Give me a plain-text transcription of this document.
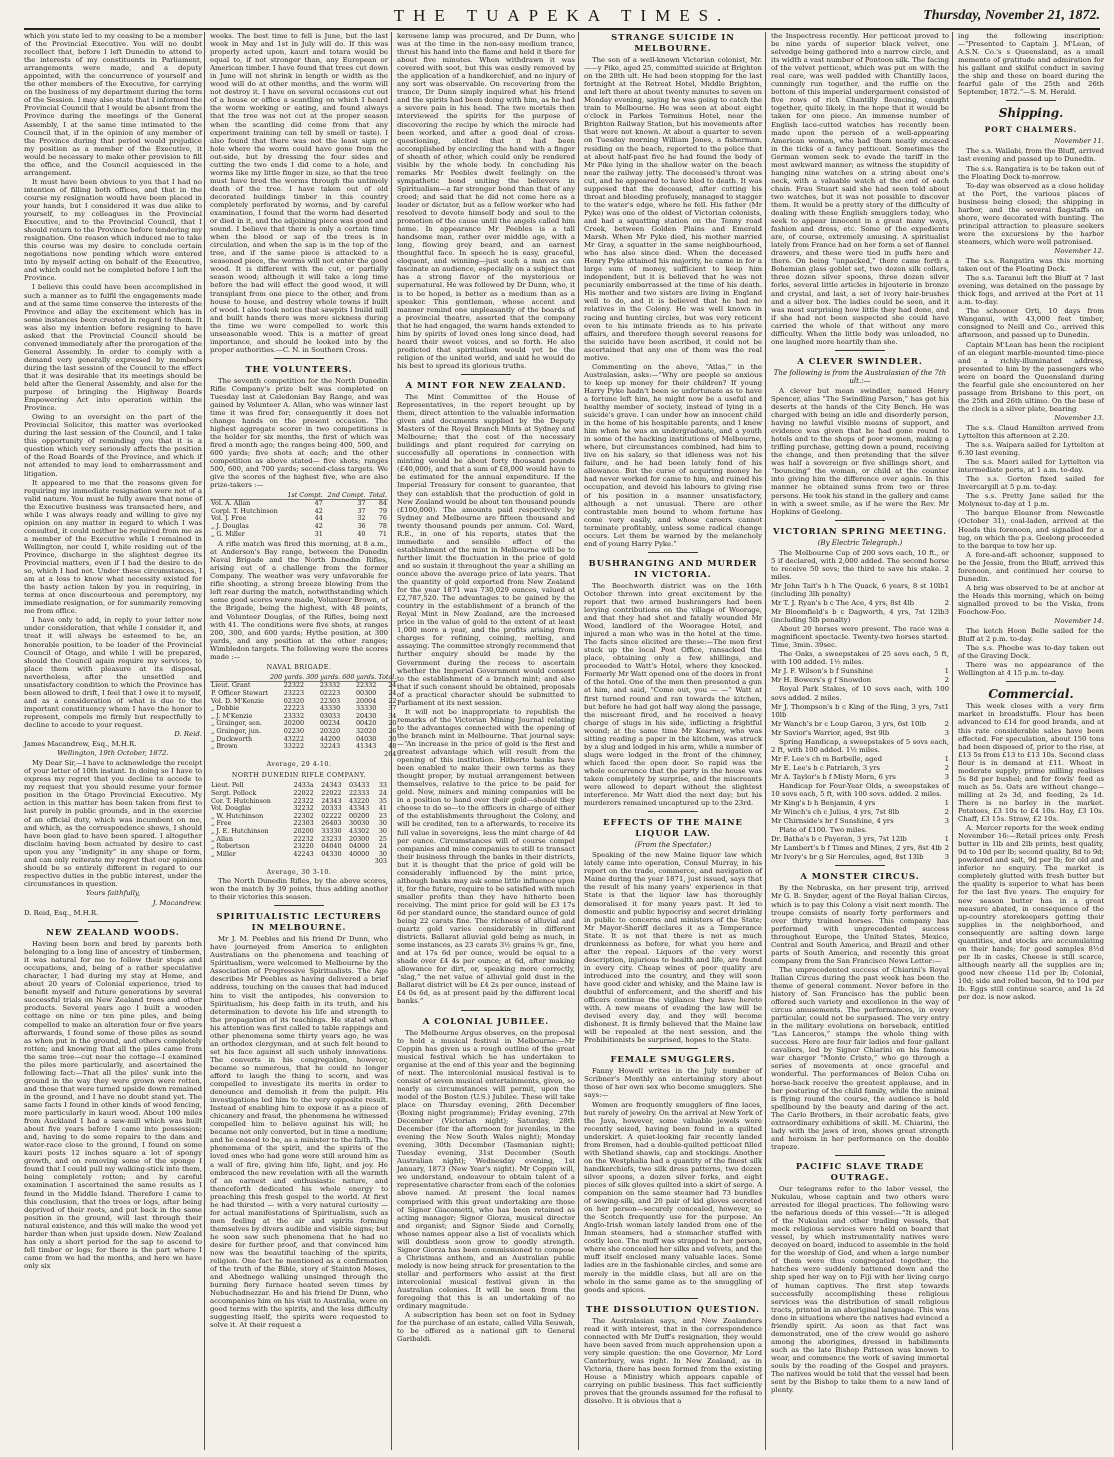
THE TUAPEKA TIMES.	Thursday, November 21, 1872.

which you state led to my ceasing to be a member of the Provincial Executive. You will no doubt recollect that, before I left Dunedin to attend to the interests of my constituents in Parliament, arrangements were made, and a deputy appointed, with the concurrence of yourself and the other members of the Executive, for carrying on the business of my department during the term of the Session. I may also state that I informed the Provincial Council that I would be absent from the Province during the meetings of the General Assembly, I at the same time intimated to the Council that, if in the opinion of any member of the Province during that period would prejudice my position as a member of the Executive, it would be necessary to make other provision to fill the office, and the Council acquiesced in the arrangement.

It must have been obvious to you that I had no intention of filling both offices, and that in the course my resignation would have been placed in your hands, but I considered it was due alike to yourself, to my colleagues in the Provincial Executive, and to the Provincial Council, that I should return to the Province before tendering my resignation. One reason which induced me to take this course was my desire to conclude certain negotiations now pending which were entered into by myself acting on behalf of the Executive, and which could not be completed before I left the Province.

I believe this could have been accomplished in such a manner as to fulfil the engagements made and at the same time conserve the interests of the Province and allay the excitement which has in some instances been created in regard to them. It was also my intention before resigning to have asked that the Provincial Council should be convened immediately after the prorogation of the General Assembly. In order to comply with a demand very generally expressed by members during the last session of the Council to the effect that it was desirable that its meetings should be held after the General Assembly, and also for the purpose of bringing the Highway Boards Empowering Act into operation within the Province.

Owing to an oversight on the part of the Provincial Solicitor, this matter was overlooked during the last session of the Council, and I take this opportunity of reminding you that it is a question which very seriously affects the position of the Road Boards of the Province, and which if not attended to may lead to embarrassment and litigation.

It appeared to me that the reasons given for requiring my immediate resignation were not of a valid nature. You must be fully aware that none of the Executive business was transacted here, and while I was always ready and willing to give my opinion on any matter in regard to which I was consulted, it could neither be required from me as a member of the Executive while I remained in Wellington, nor could I, while residing out of the Province, discharge in the slightest degree its Provincial matters, even if I had the desire to do so, which I had not. Under these circumstances, I am at a loss to know what necessity existed for the hasty action taken by you in requiring, in terms at once discourteous and peremptory, my immediate resignation, or for summarily removing me from office.

I have only to add, in reply to your letter now under consideration, that while I consider it, and treat it will always be esteemed to be, an honorable position, to be leader of the Provincial Council of Otago, and while I will be prepared, should the Council again require my services, to place them with pleasure at its disposal, nevertheless, after the unsettled and unsatisfactory condition to which the Province has been allowed to drift, I feel that I owe it to myself, and as a consideration of what is due to the important constituency whom I have the honor to represent, compels me firmly but respectfully to decline to accede to your request.

D. Reid.

James Macandrew, Esq., M.H.R.

Wellington, 19th October, 1872.

My Dear Sir,—I have to acknowledge the receipt of your letter of 10th instant. In doing so I have to express my regret that you decline to accede to my request that you should resume your former position in the Otago Provincial Executive. My action in this matter has been taken from first to last purely in public grounds, and in the exercise of an official duty, which was incumbent on me, and which, as the correspondence shows, I should have been glad to have been spared. I altogether disclaim having been actuated by desire to cast upon you any “indignity” in any shape or form, and can only reiterate my regret that our opinions should be so entirely different in regard to our respective duties in the public interest, under the circumstances in question.

Yours faithfully,
J. Macandrew.

D. Reid, Esq., M.H.R.

NEW ZEALAND WOODS.

Having been born and bred by parents both belonging to a long line of ancestry of timbermen, it was natural for me to follow their steps and occupations, and, being of a rather speculative character, I had during my stay at Home, and about 20 years of Colonial experience, tried to benefit myself and future generations by several successful trials on New Zealand trees and other products. Several years ago I built a wooden cottage on nine or ten pine piles, and being compelled to make an alteration four or five years afterwards, I found some of those piles as sound as when put in the ground, and others completely rotten; and knowing that all the piles came from the same tree—cut near the cottage—I examined the piles more particularly, and ascertained the following fact:—That all the piles' sunk into the ground in the way they were grown were rotten, and those that were turned upside down remained in the ground, and I have no doubt stand yet. The same facts I found in other kinds of wood fencing, more particularly in kauri wood. About 100 miles from Auckland I had a saw-mill which was built about five years before I came into possession; and, having to do some repairs to the dam and water-race close to the ground, I found on some kauri posts 12 inches square a lot of spongy growth, and on removing some of the sponge I found that I could pull my walking-stick into them, being completely rotten; and by careful examination I ascertained the same results as I found in the Middle Island. Therefore I came to this conclusion, that the trees or logs, after being deprived of their roots, and put back in the same position in the ground, will last through their natural existence, and this will make the wood yet harder than when just upside down. New Zealand has only a short period for the sap to ascend to fell timber or logs; for there is the part where I came from we had the months, and here we have only six

weeks. The best time to fell is June, but the last week in May and 1st in July will do. If this was properly acted upon, kauri and totara would be equal to, if not stronger than, any European or American timber. I have found that trees cut down in June will not shrink in length or width as the wood will do at other months, and the worm will not destroy it. I have on several occasions cut out of a house or office a scantling on which I heard the worm working or eating, and found always that the tree was not cut at the proper season when the scantling did come from that any experiment training can tell by smell or taste). I also found that there was not the least sign or hole where the worm could have gone from the out-side, but by dressing the four sides and cutting the two ends I did come to a hole, and worms like my little finger in size, so that the tree must have bred the worms through the untimely death of the tree. I have taken out of old decorated buildings timber in this country completely perforated by worms, and by careful examination, I found that the worm had deserted or died in it, and the adjoining piece was good and sound. I believe that there is only a certain time when the blood or sap of the trees is in circulation, and when the sap is in the top of the tree, and if the same piece is attacked to a seasoned piece, the worms will not enter the good wood. It is different with the cut, or partially season wood; although it will take a long time before the bad will effect the good wood, it will transplant from one piece to the other, and from house to house, and destroy whole towns if built of wood. I also took notice that sawpits I build mill and built hands there was more sickness during the time we were compelled to work this unseasonable wood. This is a matter of great importance, and should be looked into by the proper authorities.—C. N. in Southern Cross.

THE VOLUNTEERS.

The seventh competition for the North Dunedin Rifle Company's prize belt was completed on Tuesday last at Caledonian Bay Range, and was gained by Volunteer A. Allan, who was winner last time it was fired for; consequently it does not change hands on the present occasion. The highest aggregate scorer in two competitions is the holder for six months, the first of which was fired a month ago; the ranges being 400, 500, and 600 yards; five shots at each; and the other competition as above stated— five shots; ranges 500, 600, and 700 yards; second-class targets. We give the scores of the highest five, who are also prize-takers :—

	1st Compt.	2nd Compt.	Total.
Vol. A. Allan	47	37	84
Corpl. T. Hutchinson	42	37	79
Vol. J. Free	44	32	76
„ J. Douglas	42	36	78
„ G. Miller	31	40	71

A rifle match was fired this morning, at 8 a.m., at Anderson's Bay range, between the Dunedin Naval Brigade and the North Dunedin Rifles, arising out of a challenge from the former Company. The weather was very unfavorable for rifle shooting, a strong breeze blowing from the left rear during the match, notwithstanding which some good scores were made, Volunteer Brown, of the Brigade, being the highest, with 48 points, and Volunteer Douglas, of the Rifles, being next with 41. The conditions were five shots, at ranges 200, 300, and 600 yards; Hythe position, at 300 yards, and any position at the other ranges; Wimbledon targets. The following were the scores made :—

NAVAL BRIGADE.
	200 yards.	300 yards.	600 yards.	Total.
Lieut. Grant	22322	23332	22332	24
P. Officer Stewart	23223	02223	00300	24
Vol. D. M'Kenzie	02320	22303	20004	22
„ Dobbie	22223	43330	33330	37
„ J. M'Kenzie	23332	03033	20430	34
„ Grainger, sen.	20200	00234	00420	20
„ Grainger, jun.	02230	20320	32020	26
„ Duckworth	43222	44200	04030	30
„ Brown	33222	32243	41343	48
				264
Average, 29 4-10.
NORTH DUNEDIN RIFLE COMPANY.
Lieut. Pell	2433a	24343	03433	33
Sergt. Pollock	22022	22022	22333	24
Cor. T. Hutchinson	22322	24343	43220	35
Vol. Douglas	32232	20333	43343	41
„ W. Hutchinson	22302	02222	00200	23
„ Free	22303	26403	30030	30
„ J. E. Hutchinson	20200	33330	43302	30
„ Allan	22232	23233	20300	25
„ Robertson	23220	04040	04000	24
„ Miller	42243	04330	40000	30
				303
Average, 30 3-10.

The North Dunedin Rifles, by the above scores, won the match by 39 points, thus adding another to their victories this season.

SPIRITUALISTIC LECTURERS IN MELBOURNE.

Mr J. M. Peebles and his friend Dr Dunn, who have journeyed from America to enlighten Australians on the phenomena and teaching of Spiritualism, were welcomed to Melbourne by the Association of Progressive Spiritualists. The Age describes Mr Peebles as having delivered a brief address, touching on the causes that had induced him to visit the antipodes, his conversion to Spiritualism, his deep faith in its truth, and his determination to devote his life and strength to the propagation of its teachings. He stated when his attention was first called to table rappings and other phenomena some thirty years ago, he was an orthodox clergyman, and at such felt bound to set his face against all such unholy innovations. The converts in his congregation, however, became so numerous, that he could no longer afford to laugh the thing to scorn, and was compelled to investigate its merits in order to denounce and demolish it from the pulpit. His investigations led him to the very opposite result. Instead of enabling him to expose it as a piece of chicanery and fraud, the phenomena he witnessed compelled him to believe against his will; he became not only converted, but in time a medium; and he ceased to be, as a minister to the faith. The phenomena of the spirit, and the spirits of the loved ones who had gone were still around him as a wall of fire, giving him life, light, and joy. He embraced the new revelation with all the warmth of an earnest and enthusiastic nature, and thenceforth dedicated his whole energy to preaching this fresh gospel to the world. At first he had thirsted — with a very natural curiosity — for actual manifestations of Spiritualism, such as men feeling at the air and spirits forming themselves by divers audible and visible signs; but he soon saw such phenomena that he had no desire for further proof, and that convinced him now was the beautiful teaching of the spirits, religion. One fact he mentioned as a confirmation of the truth of the Bible, story of Stainton Moses, and Abednego walking unsinged through the burning fiery furnace heated seven times by Nebuchadnezzar. He and his friend Dr Dunn, who accompanies him on his visit to Australia, were on good terms with the spirits, and the less difficulty suggesting itself, the spirits were requested to solve it. At their request a

kerosene lamp was procured, and Dr Dunn, who was at the time in the non-easy medium trance, thrust his hand into the flame and held it there for about five minutes. When withdrawn it was covered with soot, but this was easily removed by the application of a handkerchief, and no injury of any sort was observable. On recovering from the trance, Dr Dunn simply inquired what his friend and the spirits had been doing with him, as he had a severe pain in his head. The two mortals then interviewed the spirits for the purpose of discovering the recipe by which the miracle had been worked, and after a good deal of cross-questioning, elicited that it had been accomplished by encircling the hand with a finger of sheath of other, which could only be rendered visible by the whole body. In concluding his remarks Mr Peebles dwelt feelingly on the sympathetic bond uniting the believers in Spiritualism—a far stronger bond than that of any creed; and said that he did not come here as a leader or dictator, but as a fellow worker who had resolved to devote himself body and soul to the promotion of the cause until the angels called him home. In appearance Mr Peebles is a tall handsome man, rather over middle age, with a long, flowing grey beard, and an earnest thoughtful face. In speech he is easy, graceful, eloquent, and winning—just such a man as can fascinate an audience, especially on a subject that has a strong flavor of the mysterious or supernatural. He was followed by Dr Dunn, who, it is to be hoped, is better as a medium than as a speaker. This gentleman, whose accent and manner remind one unpleasantly of the boards of a provincial theatre, asserted that the company that he had engaged, the warm hands extended to him by spirits of loved ones long since dead, had heard their sweet voices, and so forth. He also predicted that spiritualism would yet be the religion of the united world, and said he would do his best to spread its glorious truths.

A MINT FOR NEW ZEALAND.

The Mint Committee of the House of Representatives, in the report brought up by them, direct attention to the valuable information given and documents supplied by the Deputy Masters of the Royal Branch Mints at Sydney and Melbourne; that the cost of the necessary buildings and plant required for carrying on successfully all operations in connection with minting would be about forty thousand pounds (£40,000), and that a sum of £8,000 would have to be estimated for the annual expenditure. If the Imperial Treasury for consent to guarantee, that they can establish that the production of gold in New Zealand would be about ten thousand pounds (£100,000). The amounts paid respectively by Sydney and Melbourne are fifteen thousand and twenty thousand pounds per annum. Col. Ward, R.E., in one of his reports, states that the immediate and sensible effect of the establishment of the mint in Melbourne will be to further limit the fluctuation in the price of gold and so sustain it throughout the year a shilling an ounce above the average price of late years. That the quantity of gold exported from New Zealand for the year 1871 was 730,029 ounces, valued at £2,787,520. The advantages to be gained by the country in the establishment of a branch of the Royal Mint in New Zealand, are the increased price in the value of gold to the extent of at least 1,000 more a year, and the profits arising from charges for refining, coining, melting, and assaying. The committee strongly recommend that further enquiry should be made by the Government during the recess to ascertain whether the Imperial Government would consent to the establishment of a branch mint; and also that if such consent should be obtained, proposals of a practical character should be submitted to Parliament at its next session.

It will not be inappropriate to republish the remarks of the Victorian Mining Journal relating to the advantages connected with the opening of the branch mint in Melbourne. That journal says:—“An increase in the price of gold is the first and greatest advantage which will result from the opening of this institution. Hitherto banks have been enabled to make their own terms as they thought proper, by mutual arrangement between themselves, relative to the price to be paid for gold. Now, miners and mining companies will be in a position to hand over their gold—should they choose to do so—to the officers in charge of either of the establishments throughout the Colony, and will be credited, ten to a afterwards, to receive its full value in sovereigns, less the mint charge of 4d per ounce. Circumstances will of course compel companies and mine companies to still to transact their business through the banks in their districts, but it is thought that the price of gold will be considerably influenced by the mint price, although banks may ask some little influence upon it, for the future, require to be satisfied with much smaller profits than they have hitherto been receiving. The mint price for gold will be £3 17s 6d per standard ounce, the standard ounce of gold being 22 carats fine. The richness of alluvial and quartz gold varies considerably in different districts. Ballarat alluvial gold being as much, in some instances, as 23 carats 3½ grains ¾ gr., fine, and at 17s 6d per ounce, would be equal to a shade over £4 4s per ounce; at 6d, after making allowance for dirt, or, speaking more correctly, “slag,” the net value of alluvial gold dust in the Ballarat district will be £4 2s per ounce, instead of £4 0s 6d, as at present paid by the different local banks.”

A COLONIAL JUBILEE.

The Melbourne Argus observes, on the proposal to hold a musical festival in Melbourne:—Mr Coppin has given us a rough outline of the great musical festival which he has undertaken to organise at the end of this year and the beginning of next. The intercolonial musical festival is to consist of seven musical entertainments, given, so nearly as circumstances will permit, upon the model of the Boston (U.S.) Jubilee. These will take place on Thursday evening, 26th December (Boxing night programme); Friday evening, 27th December (Victorian night); Saturday, 28th December (for the afternoon for juveniles, in the evening the New South Wales night); Monday evening, 30th December (Tasmanian night); Tuesday evening, 31st December (South Australian night); Wednesday evening, 1st January, 1873 (New Year's night). Mr Coppin will, we understand, endeavour to obtain talent of a representative character from each of the colonies above named. At present the local names comprised with this great undertaking are those of Signor Giacometti, who has been retained as acting manager; Signor Giorza, musical director and organist; and Signor Siede and Cornelly, whose names appear also a list of vocalists which will doubtless soon grow to goodly strength. Signor Giorza has been commissioned to compose a Christmas anthem, and an Australian public melody is now being struck for presentation to the stellar and performers who assist at the first intercolonial musical festival given in the Australian colonies. It will be seen from the foregoing that this is an undertaking of no ordinary magnitude.

A subscription has been set on foot in Sydney for the purchase of an estate, called Villa Seuwah, to be offered as a national gift to General Garibaldi.

STRANGE SUICIDE IN MELBOURNE.

The son of a well-known Victorian colonist, Mr. ——y Pike, aged 25, committed suicide at Brighton on the 28th ult. He had been stopping for the last fortnight at the Retreat Hotel, Middle Brighton, and left there at about twenty minutes to seven on Monday evening, saying he was going to catch the train to Melbourne. He was seen at about eight o'clock in Parkes Terminus Hotel, near the Brighton Railway Station, but his movements after that were not known. At about a quarter to seven on Tuesday morning William Jones, a fisherman, residing on the beach, reported to the police that at about half-past five he had found the body of Mr Pike lying in the shallow water on the beach near the railway jetty. The deceased's throat was cut, and he appeared to have bled to death. It was supposed that the deceased, after cutting his throat and bleeding profusely, managed to stagger to the water's edge, where he fell. His father (Mr Pyke) was one of the oldest of Victorian colonists, and had a squatting station on the Tenny road Creek, between Golden Plains and Emerald Marsh. When Mr Pyke died, his mother married Mr Gray, a squatter in the same neighbourhood, who has also since died. When the deceased Henry Pyke attained his majority, he came in for a large sum of money, sufficient to keep him independent, but it is believed that he was not pecuniarily embarrassed at the time of his death. His mother and two sisters are living in England well to do, and it is believed that he had no relatives in the Colony. He was well known in racing and hunting circles, but was very reticent even to his intimate friends as to his private affairs, and therefore though several reasons for the suicide have been ascribed, it could not be ascertained that any one of them was the real motive.

Commenting on the above, “Atlas,” in the Australasian, asks:—“Why are people so anxious to keep up money for their children? If young Harry Pyke hadn't been so unfortunate as to have a fortune left him, he might now be a useful and healthy member of society, instead of lying in a suicide's grave. I can under how an innocent child in the home of his hospitable parents, and I knew him when he was an undergraduate, and a youth in some of the hacking institutions of Melbourne, where, but circumstances combined, had him to live on his salary, so that idleness was not his failure, and he had been lately fond of his allowance. But the curse of acquiring money he had never worked for came to him, and ruined his occupation, and devoid his labours to giving rise of his position in a manner unsatisfactory, although a not unusual. There are other contrastable men bound to whom fortune has come very easily, and whose careers cannot terminate profitably, unless some radical change occurs. Let them be warned by the melancholy end of young Harry Pyke.”

BUSHRANGING AND MURDER IN VICTORIA.

The Beechworth district was on the 16th October thrown into great excitement by the report that two armed bushrangers had been levying contributions on the village of Woorage, and that they had shot and fatally wounded Mr Wood, landlord of the Wooragee Hotel, and injured a man who was in the hotel at the time. The facts since elicited are these:—The men first stuck up the local Post Office, ransacked the place, obtaining only a few shillings, and proceeded to Watt's Hotel, where they knocked. Formerly Mr Watt opened one of the doors in front of the hotel. One of the men then presented a gun at him, and said, “Come out, you — —” Watt at first turned round and ran towards the kitchen, but before he had got half way along the passage, the miscreant fired, and he received a heavy charge of slugs in his side, inflicting a frightful wound; at the same time Mr Kearney, who was sitting reading a paper in the kitchen, was struck by a slug and lodged in his arm, while a number of slugs were lodged in the front of the chimney, which faced the open door. So rapid was the whole occurrence that the party in the house was taken completely by surprise, and the miscreants were allowed to depart without the slightest interference. Mr Watt died the next day; but his murderers remained uncaptured up to the 23rd.

EFFECTS OF THE MAINE LIQUOR LAW.
(From the Spectator.)

Speaking of the new Maine liquor law which lately came into operation, Consul Murray, in his report on the trade, commerce, and navigation of Maine during the year 1871, just issued, says that the result of his many years' experience in that State is that the liquor law has thoroughly demoralised it for many years past. It led to domestic and public hypocrisy and secret drinking in public to concerns and ministers of the State; Mr Mayor-Sheriff declares it as a Temperance State. It is not that there is not as much drunkenness as before, for what you here and after the repeal. Liquors of the very worst description, injurious to health and life, are found in every city. Cheap wines of poor quality are introduced into the country, and they will soon have good cider and whisky, and the Maine law is doubtful of enforcement, and the sheriff and his officers continue the vigilance they have hereto with. A new means of evading the law will be devised every day, and they will become dishonest. It is firmly believed that the Maine law will be repealed at the next session, and the Prohibitionists be surprised, hopes to the State.

FEMALE SMUGGLERS.

Fanny Howell writes in the July number of Scribner's Monthly an entertaining story about those of her own sex who become smugglers. She says:—

Women are frequently smugglers of fine laces, but rarely of jewelry. On the arrival at New York of the Java, however, some valuable jewels were recently seized, having been found in a quilted underskirt. A quiet-looking fair recently landed from Bremen, had a double-quilted petticoat filled with Shetland shawls, cap and stockings. Another on the Westphalia had a quantity of the finest silk handkerchiefs, two silk dress patterns, two dozen silver spoons, a dozen silver forks, and eight pieces of silk gloves quilted into a skirt of serge. A companion on the same steamer had 73 bundles of sewing-silk, and 20 pair of kid gloves secreted on her person—securely concealed, however, so the Scotch frequently use for the purpose. An Anglo-Irish woman lately landed from one of the Inman steamers, had a stomacher stuffed with costly lace. The muff was strapped to her person, where she concealed her silks and velvets, and the muff itself enclosed many valuable laces. Some ladies are in the fashionable circles, and some are merely in the middle class, but all are on the whole in the same game as to the smuggling of goods and spices.

THE DISSOLUTION QUESTION.

The Australasian says, and New Zealanders read it with interest, that in the correspondence connected with Mr Duff's resignation, they would have been saved from much apprehension upon a very simple question: the one Governor, Mr Lord Canterbury, was right. In New Zealand, as in Victoria, there has been formed from the existing House a Ministry which appears capable of carrying on public business. This fact sufficiently proves that the grounds assumed for the refusal to dissolve. It is obvious that a

the Inspectress recently. Her petticoat proved to be nine yards of superior black velvet, one selvedge being gathered into a narrow circle, and its width a vast number of Pontoon silk. The facing of the velvet petticoat, which was put on with the real care, was well padded with Chantilly laces, cunningly run together, and the ruffle on the bottom of this imperial undergarment consisted of five rows of rich Chantilly flouncing, caught together, quite likely, in the hope that it would be taken for one piece. An immense number of English lace-cutted watches has recently been made upon the person of a well-appearing American woman, who had them neatly encased in the ticks of a fancy petticoat. Sometimes the German women seek to evade the tariff in the most awkward manner; as witness the stupidity of hanging nine watches on a string about one's neck, with a valuable watch at the end of each chain. Frau Stuart said she had seen told about two watches, but it was not possible to discover them. It would be a pretty story of the difficulty of dealing with these English smugglers today, who seek to appear innocent in a great many ways, fashion and dress, etc. Some of the expedients are, of course, extremely amusing. A spiritualist lately from France had on her form a set of flannel drawers, and these were tied in puffs here and there. On being “unpacked,” there came forth a Bohemian glass goblet set, two dozen silk collars, three dozen silver spoons, three dozen silver forks, several little articles in bijouterie in bronze and crystal, and last, a set of ivory hair-brushes and a silver box. The ladies could be seen, and it was most surprising how little they had done, and if she had not been suspected she could have carried the whole of that without any more difficulty. When the little body was unloaded, no one laughed more heartily than she.

A CLEVER SWINDLER.
The following is from the Australasian of the 7th ult.:—

A clever but mean swindler, named Henry Spencer, alias “The Swindling Parson,” has got his deserts at the hands of the City Bench. He was charged with being an idle and disorderly person, having no lawful visible means of support, and evidence was given that he had gone round to hotels and to the shops of poor women, making a trifling purchase, getting down a pound, receiving the change, and then pretending that the silver was half a sovereign or five shillings short, and “bouncing” the woman, or child at the counter into giving him the difference over again. In this manner he obtained sums from two or three persons. He took his stand in the gallery and came in with a sweet smile, as if he were the Rev. Mr Hopkins of Geelong.

VICTORIAN SPRING MEETING.
(By Electric Telegraph.)

The Melbourne Cup of 200 sovs each, 10 ft., or 5 if declared, with 2,000 added. The second horse to receive 50 sovs; the third to save his stake. 2 miles.

1
Mr John Tait's b h The Quack, 6 years, 8 st 10lb (including 3lb penalty)

2
Mr T. J. Ryan's b c The Ace, 4 yrs, 8st 4lb

3
Mr Bloomfield's b c Dagworth, 4 yrs, 7st 12lb (including 5lb penalty)

About 20 horses were present. The race was a magnificent spectacle. Twenty-two horses started. Time, 3min. 39sec.

The Oaks, a sweepstakes of 25 sovs each, 5 ft, with 100 added. 1½ miles.

1
Mr J. F. Wilson's b f Sunshine

2
Mr H. Bowers's g f Snowdon

Royal Park Stakes, of 10 sovs each, with 100 sovs added. 2 miles.

1
Mr J. Thompson's b c King of the Ring, 3 yrs, 7st 10lb

2
Mr Wanch's br c Loup Garou, 3 yrs, 6st 10lb

3
Mr Savior's Warrior, aged, 9st 9lb

Spring Handicap, a sweepstakes of 5 sovs each, 2 ft, with 100 added. 1½ miles.

1
Mr F. Lee's ch m Barbelle, aged

2
Mr E. Lee's b c Patriarch, 3 yrs

3
Mr A. Taylor's b f Misty Morn, 6 yrs

Handicap for Four-Year Olds, a sweepstakes of 10 sovs each, 5 ft, with 100 sovs. added. 2 miles.

1
Mr King's b h Benjamin, 4 yrs

2
Mr Winch's ch c Julius, 4 yrs, 7st 8lb

3
Mr Chirnside's br f Sunshine, 4 yrs

Plate of £100. Two miles.

1
Dr. Batha's b c Payeran, 3 yrs, 7st 12lb

2
Mr Lambert's b f Times and Mines, 2 yrs, 8st 4lb

3
Mr Ivory's br g Sir Hercules, aged, 8st 13lb

A MONSTER CIRCUS.

By the Nebraska, on her present trip, arrived Mr G. B. Snyder, agent of the Royal Italian Circus, which is to pay this Colony a visit next month. The troupe consists of nearly forty performers and over thirty trained horses. This company has performed with unprecedented success throughout Europe, the United States, Mexico, Central and South America, and Brazil and other parts of South America, and recently this great company from the San Francisco News Letter:—

The unprecedented success of Chiarini's Royal Italian Circus during the past week has been the theme of general comment. Never before in the history of San Francisco has the public been offered such variety and excellence in the way of circus amusements. The performances, in every particular, could not be surpassed. The very entry in the military evolutions on horseback, entitled “Las Lanceros,” stamps the whole thing with success. Here are four fair ladies and four gallant cavaliers, led by Signor Chiarini on his famous war charger “Monte Cristo,” who go through a series of movements at once graceful and wonderful. The performances of Belen Cuba on horse-back receive the greatest applause, and in her posturing of the child family, while the animal is flying round the course, the audience is held spellbound by the beauty and daring of the act. The Carlo Brothers, in their acrobatic feats, give extraordinary exhibitions of skill. M. Chiarini, the lady with the jaws of iron, shows great strength and heroism in her performance on the double trapeze.

PACIFIC SLAVE TRADE OUTRAGE.

Our telegrams refer to the labor vessel, the Nukulau, whose captain and two others were arrested for illegal practices. The following were the nefarious deeds of this vessel:—“It is alleged of the Nukulau and other trading vessels, that mock religious services were held on board that vessel, by which instrumentality natives were decoyed on board, induced to assemble in the hold for the worship of God, and when a large number of them were thus congregated together, the hatches were suddenly battened down and the ship sped her way on to Fiji with her living cargo of human captives. The first step towards successfully accomplishing these religious services was the distribution of small religious tracts, printed in an aboriginal language. This was done in situations where the natives had evinced a friendly spirit. As soon as that fact was demonstrated, one of the crew would go ashore among the aborigines, dressed in habiliments such as the late Bishop Patteson was known to wear, and commence the work of saving immortal souls by the reading of the Gospel and prayers. The natives would be told that the vessel had been sent by the Bishop to take them to a new land of plenty.

ing the following inscription:—“Presented to Captain J. M'Lean, of A.S.N. Co.'s s Queensland, as a small memento of gratitude and admiration for his gallant and skilful conduct in saving the ship and those on board during the fearful gale of the 25th and 26th September, 1872.”—S. M. Herald.

Shipping.
PORT CHALMERS.
November 11.

The s.s. Wallabi, from the Bluff, arrived last evening and passed up to Dunedin.

The s.s. Rangatira is to be taken out of the Floating Dock to-morrow.

To-day was observed as a close holiday at the Port, the various places of business being closed; the shipping in harbor, and the several flagstaffs on shore, were decorated with bunting. The principal attraction to pleasure seekers were the excursions by the harbor steamers, which were well patronised.

November 12.

The s.s. Rangatira was this morning taken out of the Floating Dock.

The s.s. Taranui left the Bluff at 7 last evening, was detained on the passage by thick fogs, and arrived at the Port at 11 a.m. to-day.

The schooner Orti, 10 days from Wanganui, with 43,000 feet timber, consigned to Neill and Co., arrived this afternoon, and passed up to Dunedin.

Captain M'Lean has been the recipient of an elegant marble-mounted time-piece and a richly-illuminated address, presented to him by the passengers who were on board the Queensland during the fearful gale she encountered on her passage from Brisbane to this port, on the 25th and 26th ultimo. On the base of the clock is a silver plate, bearing

November 13.

The s.s. Claud Hamilton arrived from Lyttelton this afternoon at 2.20.

The s.s. Waipara sailed for Lyttelton at 6.30 last evening.

The s.s. Maori sailed for Lyttelton via intermediate ports, at 1 a.m. to-day.

The s.s. Gorton fixed sailed for Invercargill at 5 p.m. to-day.

The s.s. Pretty Jane sailed for the Molyneux to-day at 1 p.m.

The barque Eleanor from Newcastle (October 31), coal-laden, arrived at the Heads this forenoon, and signalled for a tug, on which the p.s. Geelong proceeded to the barque to tow her up.

A fore-and-aft schooner, supposed to be the Jessie, from the Bluff, arrived this forenoon, and continued her course to Dunedin.

A brig was observed to be at anchor at the Heads this morning, which on being signalled proved to be the Viska, from Foochow-Foo.

November 14.

The ketch Hoon Belle sailed for the Bluff at 2 p.m. to-day.

The s.s. Phoebe was to-day taken out of the Graving Dock.

There was no appearance of the Wellington at 4 15 p.m. to-day.

Commercial.

This week closes with a very firm market in breadstuffs. Flour has been advanced to £14 for good brands, and at this rate considerable sales have been effected. For speculation, about 150 tons had been disposed of, prior to the rise, at £13 5s from £13 to £13 10s. Second class flour is in demand at £11. Wheat in moderate supply; prime milling realises 5s 8d per bushel; and for fowls' feed as much as 5s. Oats are without change—milling at 2s 3d, and feeding, 2s 1d. There is no barley in the market. Potatoes, £3 10s to £4 10s. Hay, £3 10s. Chaff, £3 15s. Straw, £2 10s.

A. Mercer reports for the week ending November 16:—Retail prices only. Fresh butter in 1lb and 2lb prints, best quality, 9d to 10d per lb; second quality, 8d to 9d; powdered and salt, 9d per lb; for old and inferior no enquiry. The market is completely glutted with fresh butter but the quality is superior to what has been for the last five years. The enquiry for new season butter has in a great measure abated, in consequence of the up-country storekeepers getting their supplies in the neighborhood, and consequently are salting down large quantities, and stocks are accumulating on their hands; for good samples 8½d per lb in casks, Cheese is still scarce, although nearly all the supplies are in; good new cheese 11d per lb; Colonial, 10d; side and rolled bacon, 9d to 10d per lb. Eggs still continue scarce, and 1s 2d per doz. is now asked.
